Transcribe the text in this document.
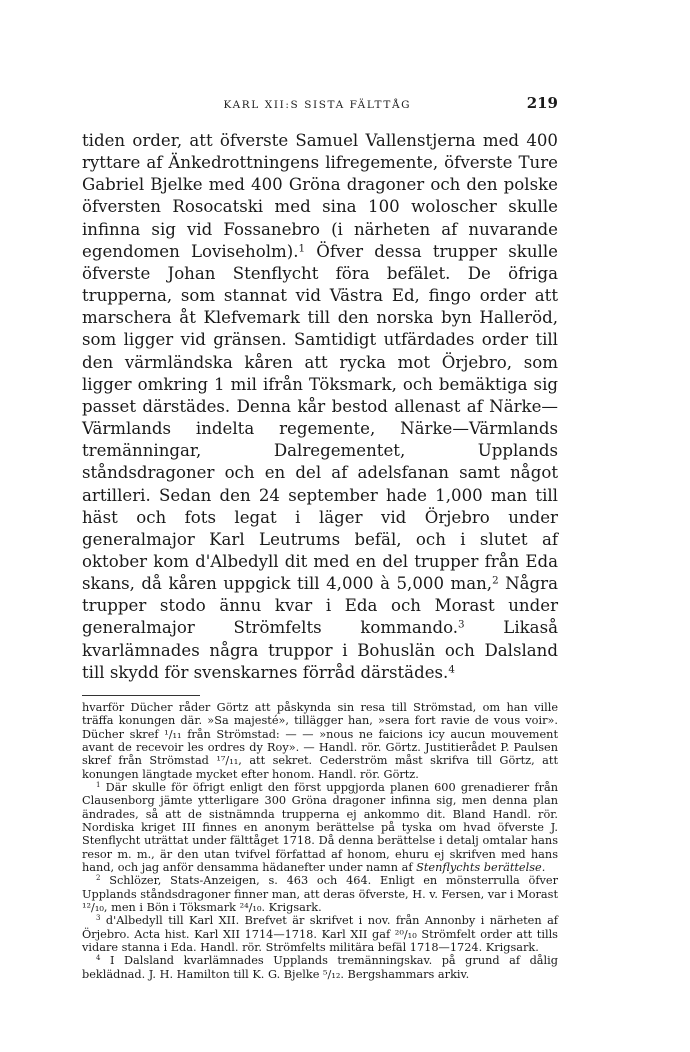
KARL XII:S SISTA FÄLTTÅG	219

tiden order, att öfverste Samuel Vallenstjerna med 400 ryttare af Änkedrottningens lifregemente, öfverste Ture Gabriel Bjelke med 400 Gröna dragoner och den polske öfversten Rosocatski med sina 100 woloscher skulle infinna sig vid Fossanebro (i närheten af nuvarande egendomen Loviseholm).$^1$ Öfver dessa trupper skulle öfverste Johan Stenflycht föra befälet. De öfriga trupperna, som stannat vid Västra Ed, fingo order att marschera åt Klefvemark till den norska byn Halleröd, som ligger vid gränsen. Samtidigt utfärdades order till den värmländska kåren att rycka mot Örjebro, som ligger omkring 1 mil ifrån Töksmark, och bemäktiga sig passet därstädes. Denna kår bestod allenast af Närke—Värmlands indelta regemente, Närke—Värmlands tremänningar, Dalregementet, Upplands ståndsdragoner och en del af adelsfanan samt något artilleri. Sedan den 24 september hade 1,000 man till häst och fots legat i läger vid Örjebro under generalmajor Karl Leutrums befäl, och i slutet af oktober kom d'Albedyll dit med en del trupper från Eda skans, då kåren uppgick till 4,000 à 5,000 man,$^2$ Några trupper stodo ännu kvar i Eda och Morast under generalmajor Strömfelts kommando.$^3$ Likaså kvarlämnades några truppor i Bohuslän och Dalsland till skydd för svenskarnes förråd därstädes.$^4$

hvarför Dücher råder Görtz att påskynda sin resa till Strömstad, om han ville träffa konungen där. »Sa majesté», tillägger han, »sera fort ravie de vous voir». Dücher skref ¹/₁₁ från Strömstad: — — »nous ne faicions icy aucun mouvement avant de recevoir les ordres dy Roy». — Handl. rör. Görtz. Justitierådet P. Paulsen skref från Strömstad ¹⁷/₁₁, att sekret. Cederström måst skrifva till Görtz, att konungen längtade mycket efter honom. Handl. rör. Görtz.

$^1$ Där skulle för öfrigt enligt den först uppgjorda planen 600 grenadierer från Clausenborg jämte ytterligare 300 Gröna dragoner infinna sig, men denna plan ändrades, så att de sistnämnda trupperna ej ankommo dit. Bland Handl. rör. Nordiska kriget III finnes en anonym berättelse på tyska om hvad öfverste J. Stenflycht uträttat under fälttåget 1718. Då denna berättelse i detalj omtalar hans resor m. m., är den utan tvifvel författad af honom, ehuru ej skrifven med hans hand, och jag anför densamma hädanefter under namn af Stenflychts berättelse.

$^2$ Schlözer, Stats-Anzeigen, s. 463 och 464. Enligt en mönsterrulla öfver Upplands ståndsdragoner finner man, att deras öfverste, H. v. Fersen, var i Morast ¹²/₁₀, men i Bön i Töksmark ²⁴/₁₀. Krigsark.

$^3$ d'Albedyll till Karl XII. Brefvet är skrifvet i nov. från Annonby i närheten af Örjebro. Acta hist. Karl XII 1714—1718. Karl XII gaf ²⁰/₁₀ Strömfelt order att tills vidare stanna i Eda. Handl. rör. Strömfelts militära befäl 1718—1724. Krigsark.

$^4$ I Dalsland kvarlämnades Upplands tremänningskav. på grund af dålig beklädnad. J. H. Hamilton till K. G. Bjelke ⁵/₁₂. Bergshammars arkiv.
